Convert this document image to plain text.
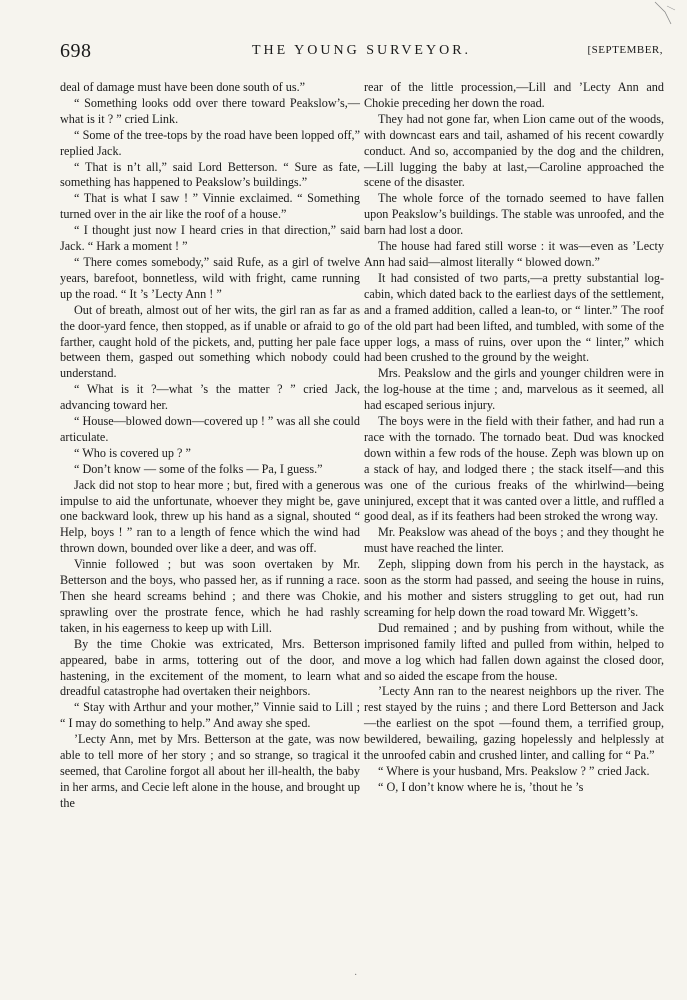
698	THE YOUNG SURVEYOR.	[SEPTEMBER,

deal of damage must have been done south of us.”

“ Something looks odd over there toward Peakslow’s,—what is it ? ” cried Link.

“ Some of the tree-tops by the road have been lopped off,” replied Jack.

“ That is n’t all,” said Lord Betterson. “ Sure as fate, something has happened to Peakslow’s buildings.”

“ That is what I saw ! ” Vinnie exclaimed. “ Something turned over in the air like the roof of a house.”

“ I thought just now I heard cries in that direction,” said Jack. “ Hark a moment ! ”

“ There comes somebody,” said Rufe, as a girl of twelve years, barefoot, bonnetless, wild with fright, came running up the road. “ It ’s ’Lecty Ann ! ”

Out of breath, almost out of her wits, the girl ran as far as the door-yard fence, then stopped, as if unable or afraid to go farther, caught hold of the pickets, and, putting her pale face between them, gasped out something which nobody could understand.

“ What is it ?—what ’s the matter ? ” cried Jack, advancing toward her.

“ House—blowed down—covered up ! ” was all she could articulate.

“ Who is covered up ? ”

“ Don’t know — some of the folks — Pa, I guess.”

Jack did not stop to hear more ; but, fired with a generous impulse to aid the unfortunate, whoever they might be, gave one backward look, threw up his hand as a signal, shouted “ Help, boys ! ” ran to a length of fence which the wind had thrown down, bounded over like a deer, and was off.

Vinnie followed ; but was soon overtaken by Mr. Betterson and the boys, who passed her, as if running a race. Then she heard screams behind ; and there was Chokie, sprawling over the prostrate fence, which he had rashly taken, in his eagerness to keep up with Lill.

By the time Chokie was extricated, Mrs. Betterson appeared, babe in arms, tottering out of the door, and hastening, in the excitement of the moment, to learn what dreadful catastrophe had overtaken their neighbors.

“ Stay with Arthur and your mother,” Vinnie said to Lill ; “ I may do something to help.” And away she sped.

’Lecty Ann, met by Mrs. Betterson at the gate, was now able to tell more of her story ; and so strange, so tragical it seemed, that Caroline forgot all about her ill-health, the baby in her arms, and Cecie left alone in the house, and brought up the

rear of the little procession,—Lill and ’Lecty Ann and Chokie preceding her down the road.

They had not gone far, when Lion came out of the woods, with downcast ears and tail, ashamed of his recent cowardly conduct. And so, accompanied by the dog and the children,—Lill lugging the baby at last,—Caroline approached the scene of the disaster.

The whole force of the tornado seemed to have fallen upon Peakslow’s buildings. The stable was unroofed, and the barn had lost a door.

The house had fared still worse : it was—even as ’Lecty Ann had said—almost literally “ blowed down.”

It had consisted of two parts,—a pretty substantial log-cabin, which dated back to the earliest days of the settlement, and a framed addition, called a lean-to, or “ linter.” The roof of the old part had been lifted, and tumbled, with some of the upper logs, a mass of ruins, over upon the “ linter,” which had been crushed to the ground by the weight.

Mrs. Peakslow and the girls and younger children were in the log-house at the time ; and, marvelous as it seemed, all had escaped serious injury.

The boys were in the field with their father, and had run a race with the tornado. The tornado beat. Dud was knocked down within a few rods of the house. Zeph was blown up on a stack of hay, and lodged there ; the stack itself—and this was one of the curious freaks of the whirlwind—being uninjured, except that it was canted over a little, and ruffled a good deal, as if its feathers had been stroked the wrong way.

Mr. Peakslow was ahead of the boys ; and they thought he must have reached the linter.

Zeph, slipping down from his perch in the haystack, as soon as the storm had passed, and seeing the house in ruins, and his mother and sisters struggling to get out, had run screaming for help down the road toward Mr. Wiggett’s.

Dud remained ; and by pushing from without, while the imprisoned family lifted and pulled from within, helped to move a log which had fallen down against the closed door, and so aided the escape from the house.

’Lecty Ann ran to the nearest neighbors up the river. The rest stayed by the ruins ; and there Lord Betterson and Jack—the earliest on the spot —found them, a terrified group, bewildered, bewailing, gazing hopelessly and helplessly at the unroofed cabin and crushed linter, and calling for “ Pa.”

“ Where is your husband, Mrs. Peakslow ? ” cried Jack.

“ O, I don’t know where he is, ’thout he ’s

·
